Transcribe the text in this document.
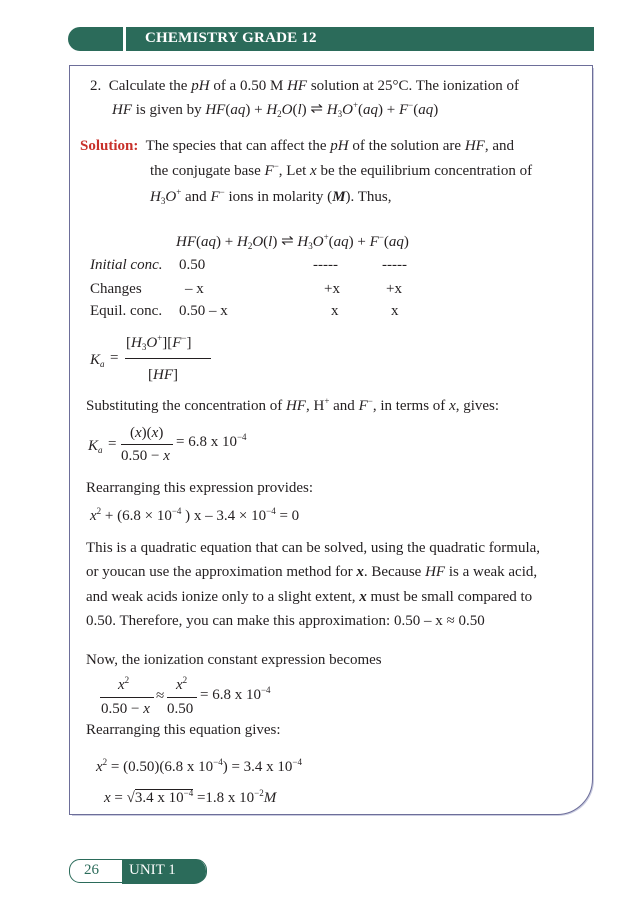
CHEMISTRY GRADE 12
2. Calculate the pH of a 0.50 M HF solution at 25°C. The ionization of
HF is given by $HF(aq) + H_2O(l)$ ⇌ $H_3O^+(aq) + F^-(aq)$
Solution: The species that can affect the pH of the solution are HF, and
the conjugate base F−, Let x be the equilibrium concentration of
$H_3O^+$ and F− ions in molarity (M). Thus,
$HF(aq) + H_2O(l)$ ⇌ $H_3O^+(aq) + F^-(aq)$
Initial conc. 0.50	-----	-----
Changes	– x	+x	+x
Equil. conc. 0.50 – x	x	x
$K_a$ =
$[H_3O^+][F^-]$
[HF]
Substituting the concentration of HF, H+ and F−, in terms of x, gives:
$K_a$ =
(x)(x)
0.50 − x
= 6.8 x $10^{-4}$
Rearranging this expression provides:
$x^2 + (6.8 \times 10^{-4}$ ) $x - 3.4 \times 10^{-4} = 0$
This is a quadratic equation that can be solved, using the quadratic formula,
or youcan use the approximation method for x. Because HF is a weak acid,
and weak acids ionize only to a slight extent, x must be small compared to
0.50. Therefore, you can make this approximation: 0.50 – x ≈ 0.50
Now, the ionization constant expression becomes
$x^2$
0.50 − x
≈
$x^2$
0.50
= 6.8 x $10^{-4}$
Rearranging this equation gives:
$x^2 = (0.50)(6.8$ x $10^{-4}) = 3.4$ x $10^{-4}$
x = √3.4 x $10^{-4} =1.8$ x $10^{-2}M$
26 UNIT 1
